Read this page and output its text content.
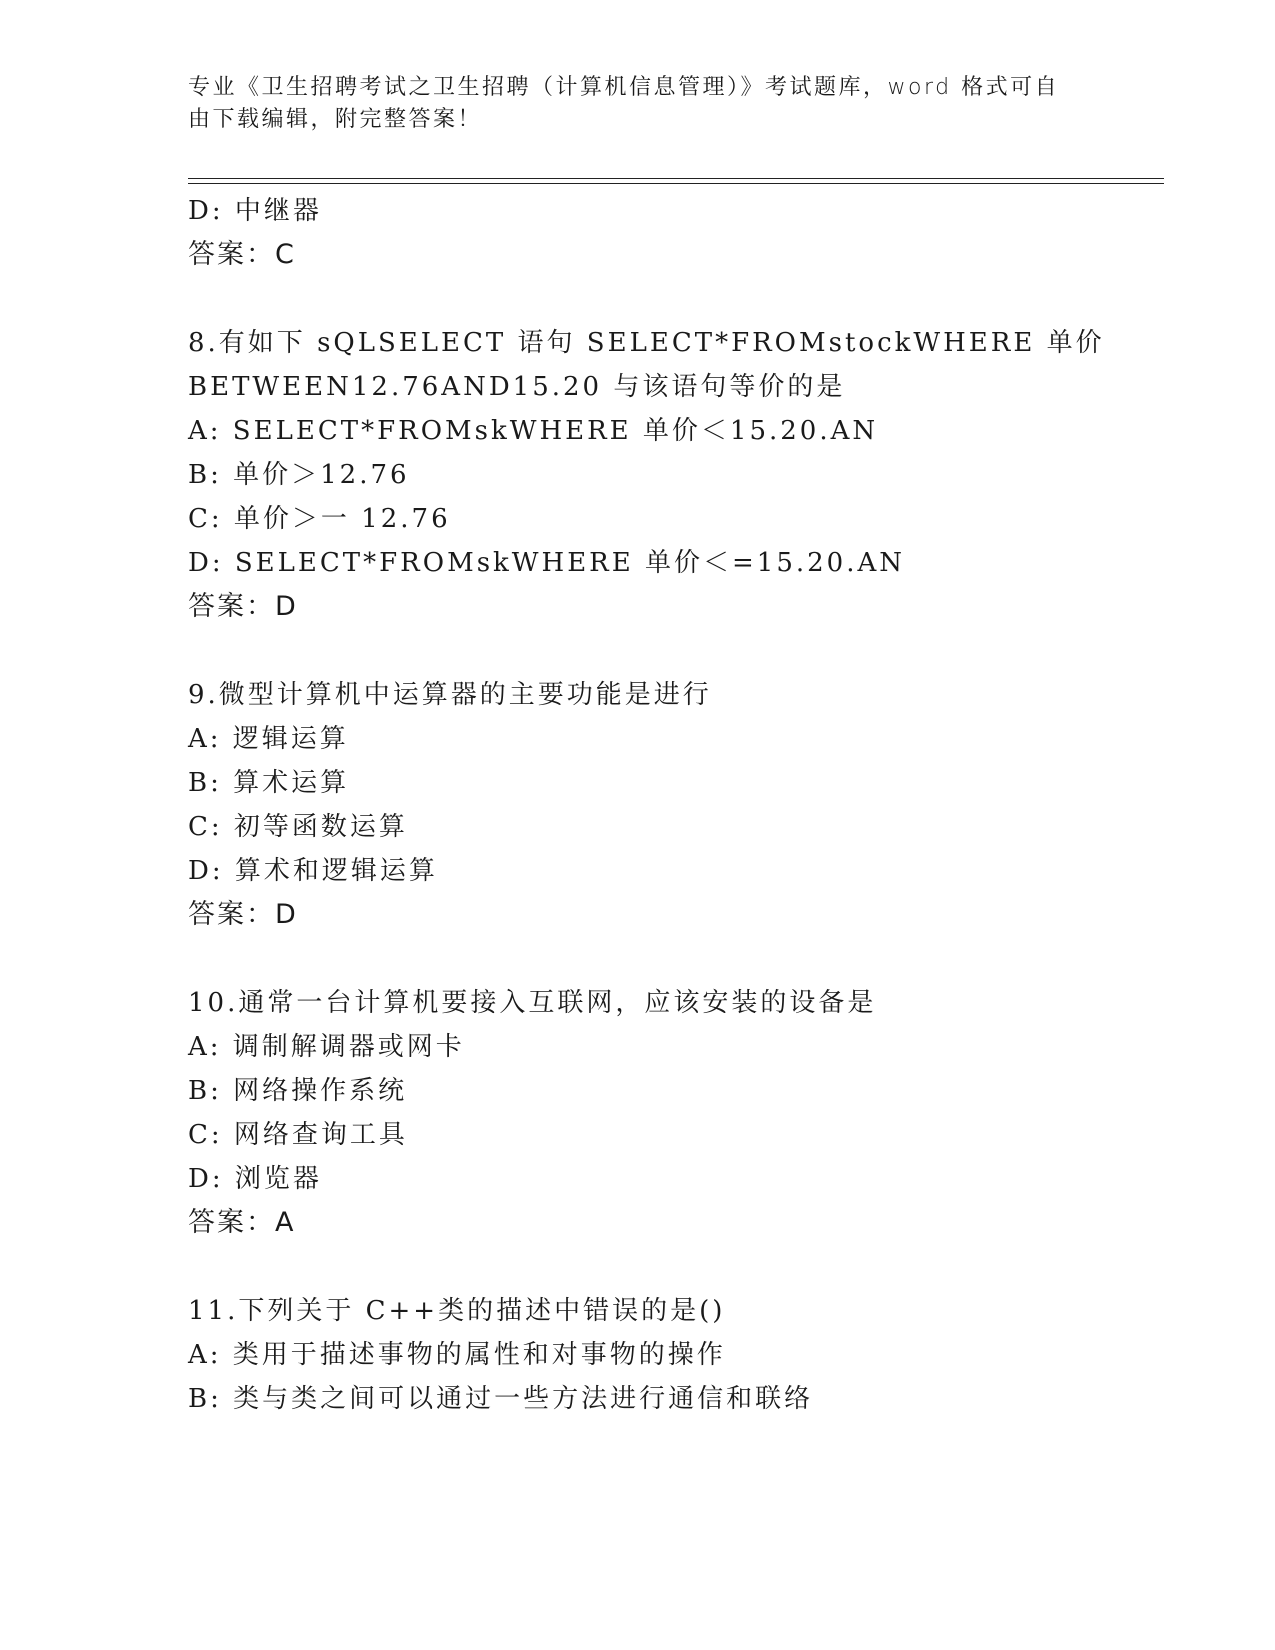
专业《卫生招聘考试之卫生招聘（计算机信息管理）》考试题库，word 格式可自
由下载编辑，附完整答案！
D: 中继器
答案：C
8.有如下 sQLSELECT 语句 SELECT*FROMstockWHERE 单价
BETWEEN12.76AND15.20 与该语句等价的是
A: SELECT*FROMskWHERE 单价＜15.20.AN
B: 单价＞12.76
C: 单价＞一 12.76
D: SELECT*FROMskWHERE 单价＜=15.20.AN
答案：D
9.微型计算机中运算器的主要功能是进行
A: 逻辑运算
B: 算术运算
C: 初等函数运算
D: 算术和逻辑运算
答案：D
10.通常一台计算机要接入互联网，应该安装的设备是
A: 调制解调器或网卡
B: 网络操作系统
C: 网络查询工具
D: 浏览器
答案：A
11.下列关于 C++类的描述中错误的是()
A: 类用于描述事物的属性和对事物的操作
B: 类与类之间可以通过一些方法进行通信和联络
